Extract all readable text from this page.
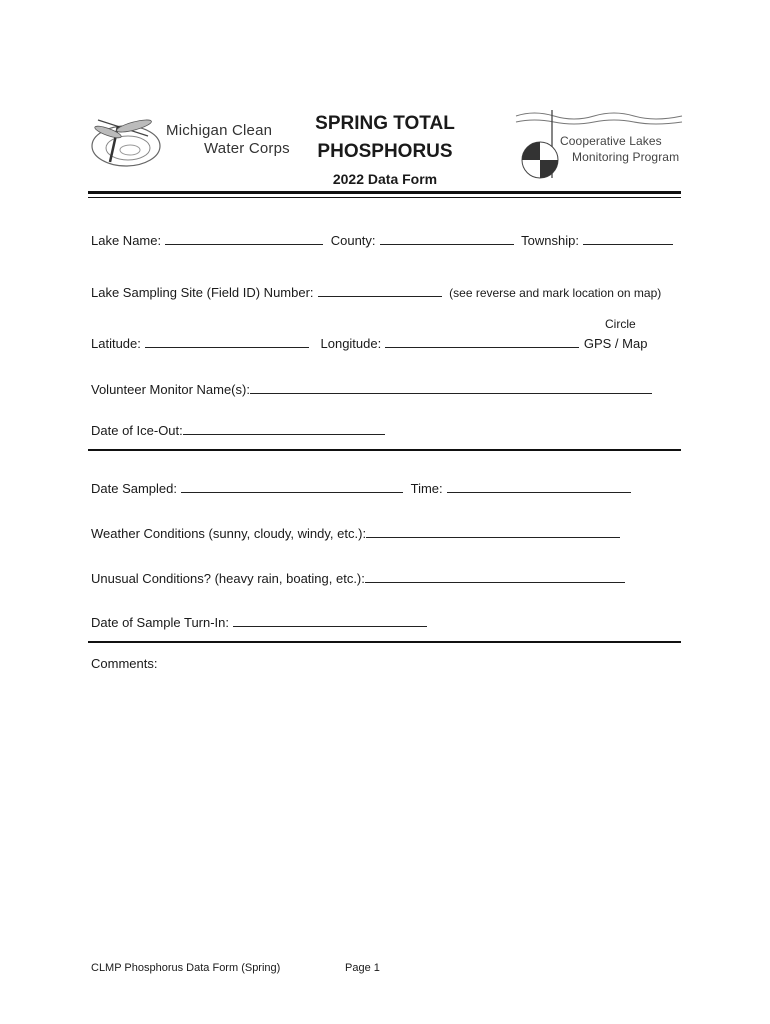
Michigan Clean
Water Corps
SPRING TOTAL
PHOSPHORUS
2022 Data Form
Cooperative Lakes
Monitoring Program
Lake Name:	County:	Township:
Lake Sampling Site (Field ID) Number:	(see reverse and mark location on map)
Circle
Latitude:	Longitude:	GPS / Map
Volunteer Monitor Name(s):
Date of Ice-Out:
Date Sampled:	Time:
Weather Conditions (sunny, cloudy, windy, etc.):
Unusual Conditions? (heavy rain, boating, etc.):
Date of Sample Turn-In:
Comments:
CLMP Phosphorus Data Form (Spring)	Page 1
